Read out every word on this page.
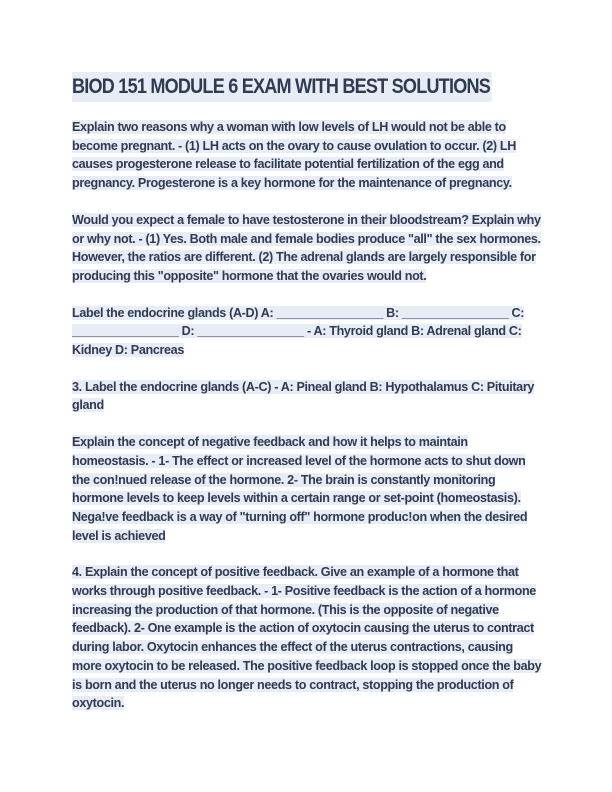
BIOD 151 MODULE 6 EXAM WITH BEST SOLUTIONS

Explain two reasons why a woman with low levels of LH would not be able to become pregnant. - (1) LH acts on the ovary to cause ovulation to occur. (2) LH causes progesterone release to facilitate potential fertilization of the egg and pregnancy. Progesterone is a key hormone for the maintenance of pregnancy.

Would you expect a female to have testosterone in their bloodstream? Explain why or why not. - (1) Yes. Both male and female bodies produce "all" the sex hormones. However, the ratios are different. (2) The adrenal glands are largely responsible for producing this "opposite" hormone that the ovaries would not.

Label the endocrine glands (A-D) A: ________________ B: ________________ C: ________________ D: ________________ - A: Thyroid gland B: Adrenal gland C: Kidney D: Pancreas

3. Label the endocrine glands (A-C) - A: Pineal gland B: Hypothalamus C: Pituitary gland

Explain the concept of negative feedback and how it helps to maintain homeostasis. - 1- The effect or increased level of the hormone acts to shut down the con!nued release of the hormone. 2- The brain is constantly monitoring hormone levels to keep levels within a certain range or set-point (homeostasis). Nega!ve feedback is a way of "turning off" hormone produc!on when the desired level is achieved

4. Explain the concept of positive feedback. Give an example of a hormone that works through positive feedback. - 1- Positive feedback is the action of a hormone increasing the production of that hormone. (This is the opposite of negative feedback). 2- One example is the action of oxytocin causing the uterus to contract during labor. Oxytocin enhances the effect of the uterus contractions, causing more oxytocin to be released. The positive feedback loop is stopped once the baby is born and the uterus no longer needs to contract, stopping the production of oxytocin.
